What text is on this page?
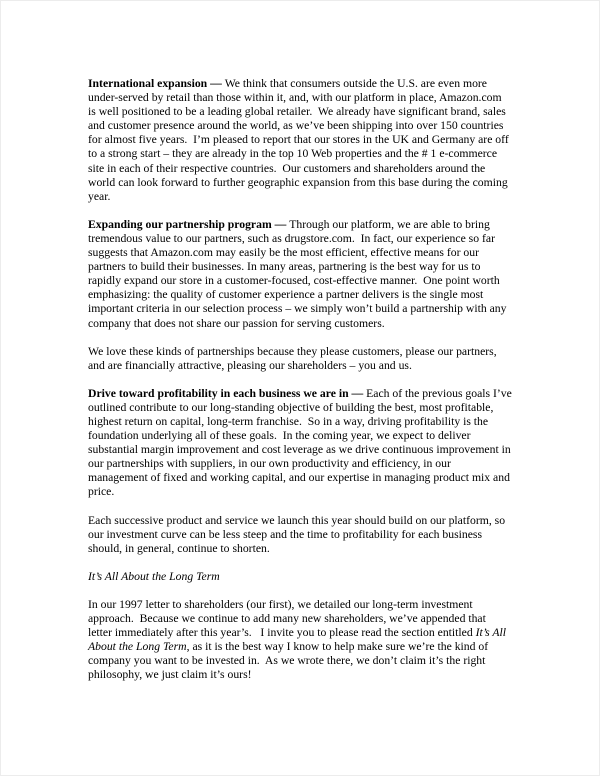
International expansion — We think that consumers outside the U.S. are even more under-served by retail than those within it, and, with our platform in place, Amazon.com is well positioned to be a leading global retailer.  We already have significant brand, sales and customer presence around the world, as we’ve been shipping into over 150 countries for almost five years.  I’m pleased to report that our stores in the UK and Germany are off to a strong start – they are already in the top 10 Web properties and the # 1 e-commerce site in each of their respective countries.  Our customers and shareholders around the world can look forward to further geographic expansion from this base during the coming year.

Expanding our partnership program — Through our platform, we are able to bring tremendous value to our partners, such as drugstore.com.  In fact, our experience so far suggests that Amazon.com may easily be the most efficient, effective means for our partners to build their businesses. In many areas, partnering is the best way for us to rapidly expand our store in a customer-focused, cost-effective manner.  One point worth emphasizing: the quality of customer experience a partner delivers is the single most important criteria in our selection process – we simply won’t build a partnership with any company that does not share our passion for serving customers.

We love these kinds of partnerships because they please customers, please our partners, and are financially attractive, pleasing our shareholders – you and us.

Drive toward profitability in each business we are in — Each of the previous goals I’ve outlined contribute to our long-standing objective of building the best, most profitable, highest return on capital, long-term franchise.  So in a way, driving profitability is the foundation underlying all of these goals.  In the coming year, we expect to deliver substantial margin improvement and cost leverage as we drive continuous improvement in our partnerships with suppliers, in our own productivity and efficiency, in our management of fixed and working capital, and our expertise in managing product mix and price.

Each successive product and service we launch this year should build on our platform, so our investment curve can be less steep and the time to profitability for each business should, in general, continue to shorten.

It’s All About the Long Term

In our 1997 letter to shareholders (our first), we detailed our long-term investment approach.  Because we continue to add many new shareholders, we’ve appended that letter immediately after this year’s.   I invite you to please read the section entitled It’s All About the Long Term, as it is the best way I know to help make sure we’re the kind of company you want to be invested in.  As we wrote there, we don’t claim it’s the right philosophy, we just claim it’s ours!
